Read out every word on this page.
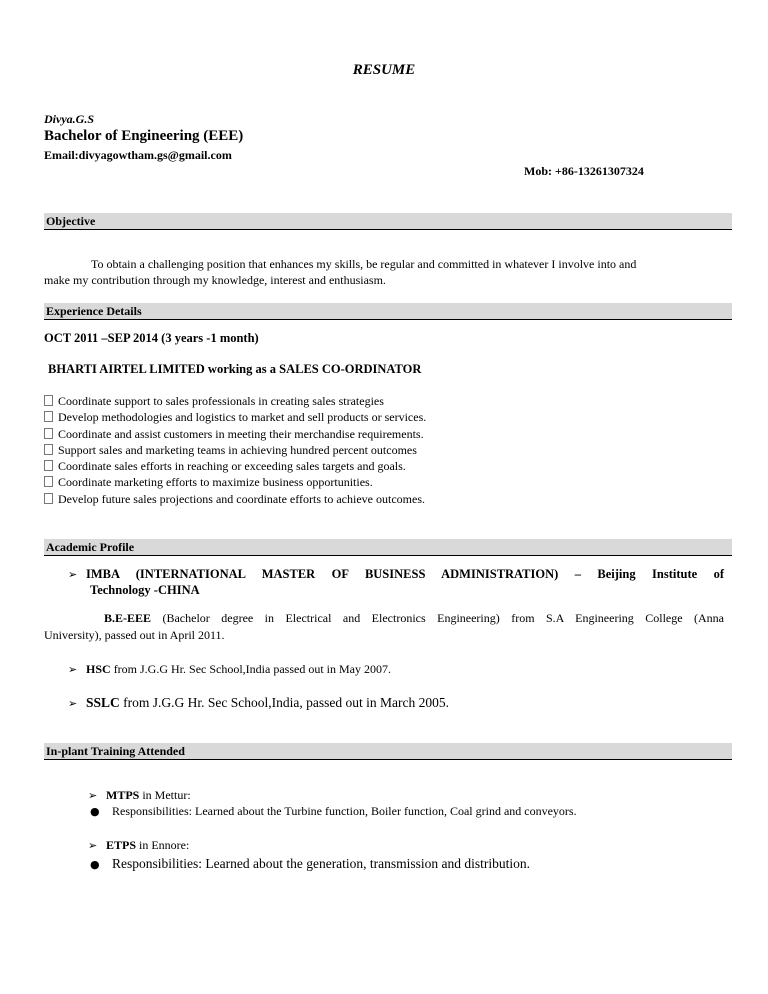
RESUME
Divya.G.S
Bachelor of Engineering (EEE)
Email:divyagowtham.gs@gmail.com
Mob: +86-13261307324
Objective
To obtain a challenging position that enhances my skills, be regular and committed in whatever I involve into and
make my contribution through my knowledge, interest and enthusiasm.
Experience Details
OCT 2011 –SEP 2014 (3 years -1 month)
BHARTI AIRTEL LIMITED working as a SALES CO-ORDINATOR
Coordinate support to sales professionals in creating sales strategies
Develop methodologies and logistics to market and sell products or services.
Coordinate and assist customers in meeting their merchandise requirements.
Support sales and marketing teams in achieving hundred percent outcomes
Coordinate sales efforts in reaching or exceeding sales targets and goals.
Coordinate marketing efforts to maximize business opportunities.
Develop future sales projections and coordinate efforts to achieve outcomes.
Academic Profile
➢ IMBA (INTERNATIONAL MASTER OF BUSINESS ADMINISTRATION) – Beijing Institute of
Technology -CHINA
B.E-EEE (Bachelor degree in Electrical and Electronics Engineering) from S.A Engineering College (Anna
University), passed out in April 2011.
➢ HSC from J.G.G Hr. Sec School,India passed out in May 2007.
➢ SSLC from J.G.G Hr. Sec School,India, passed out in March 2005.
In-plant Training Attended
➢ MTPS in Mettur:
● Responsibilities: Learned about the Turbine function, Boiler function, Coal grind and conveyors.
➢ ETPS in Ennore:
● Responsibilities: Learned about the generation, transmission and distribution.
